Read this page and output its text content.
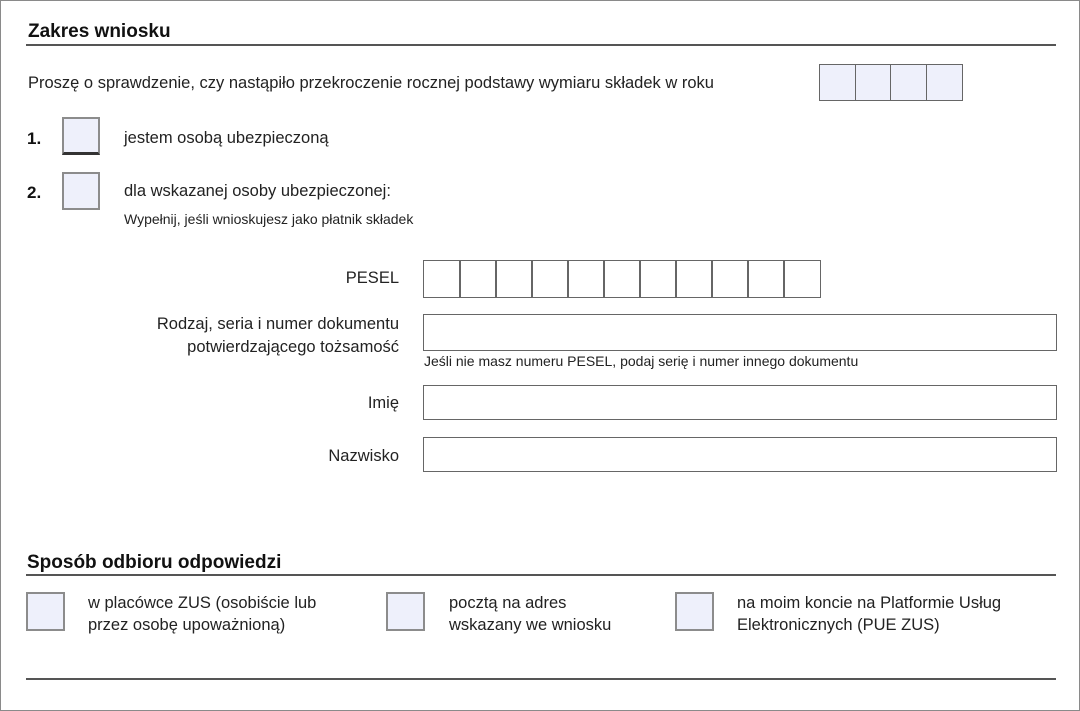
Zakres wniosku
Proszę o sprawdzenie, czy nastąpiło przekroczenie rocznej podstawy wymiaru składek w roku
1.	jestem osobą ubezpieczoną
2.	dla wskazanej osoby ubezpieczonej:
Wypełnij, jeśli wnioskujesz jako płatnik składek
PESEL
Rodzaj, seria i numer dokumentu
potwierdzającego tożsamość
Jeśli nie masz numeru PESEL, podaj serię i numer innego dokumentu
Imię
Nazwisko
Sposób odbioru odpowiedzi
w placówce ZUS (osobiście lub
przez osobę upoważnioną)
pocztą na adres
wskazany we wniosku
na moim koncie na Platformie Usług
Elektronicznych (PUE ZUS)
